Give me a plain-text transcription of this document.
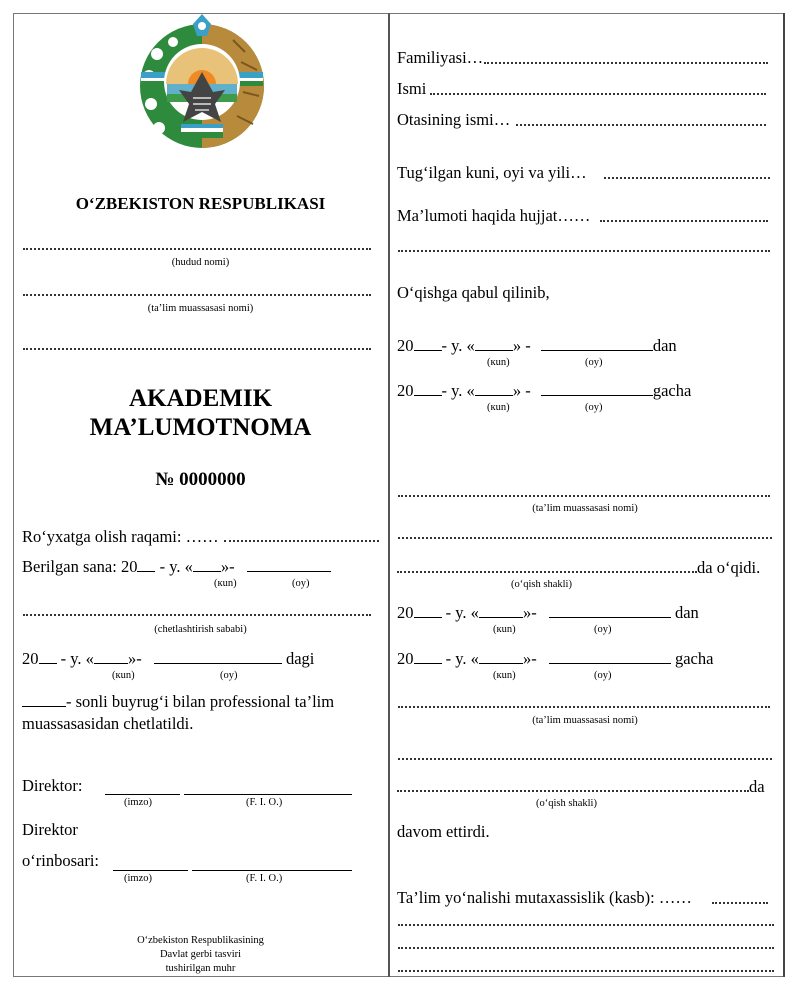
O‘ZBEKISTON RESPUBLIKASI
(hudud nomi)
(ta’lim muassasasi nomi)
AKADEMIK
MA’LUMOTNOMA
№ 0000000
Ro‘yxatga olish raqami: ……
Berilgan sana: 20 - y. « »-
(кun)	(oy)
(chetlashtirish sababi)
20 - y. « »-	dagi
(кun)	(oy)
- sonli buyrug‘i bilan professional ta’lim
muassasasidan chetlatildi.
Direktor:
(imzo)	(F. I. O.)
Direktor
o‘rinbosari:
(imzo)	(F. I. O.)
O‘zbekiston Respublikasining
Davlat gerbi tasviri
tushirilgan muhr
Familiyasi…
Ismi
Otasining ismi…
Tug‘ilgan kuni, oyi va yili…
Ma’lumoti haqida hujjat……
O‘qishga qabul qilinib,
20 - y. « » -	dan
(кun)	(oy)
20 - y. « » -	gacha
(кun)	(oy)
(ta’lim muassasasi nomi)
da o‘qidi.
(o‘qish shakli)
20 - y. «	»-	dan
(кun)	(oy)
20 - y. «	»-	gacha
(кun)	(oy)
(ta’lim muassasasi nomi)
da
(o‘qish shakli)
davom ettirdi.
Ta’lim yo‘nalishi mutaxassislik (kasb): ……
